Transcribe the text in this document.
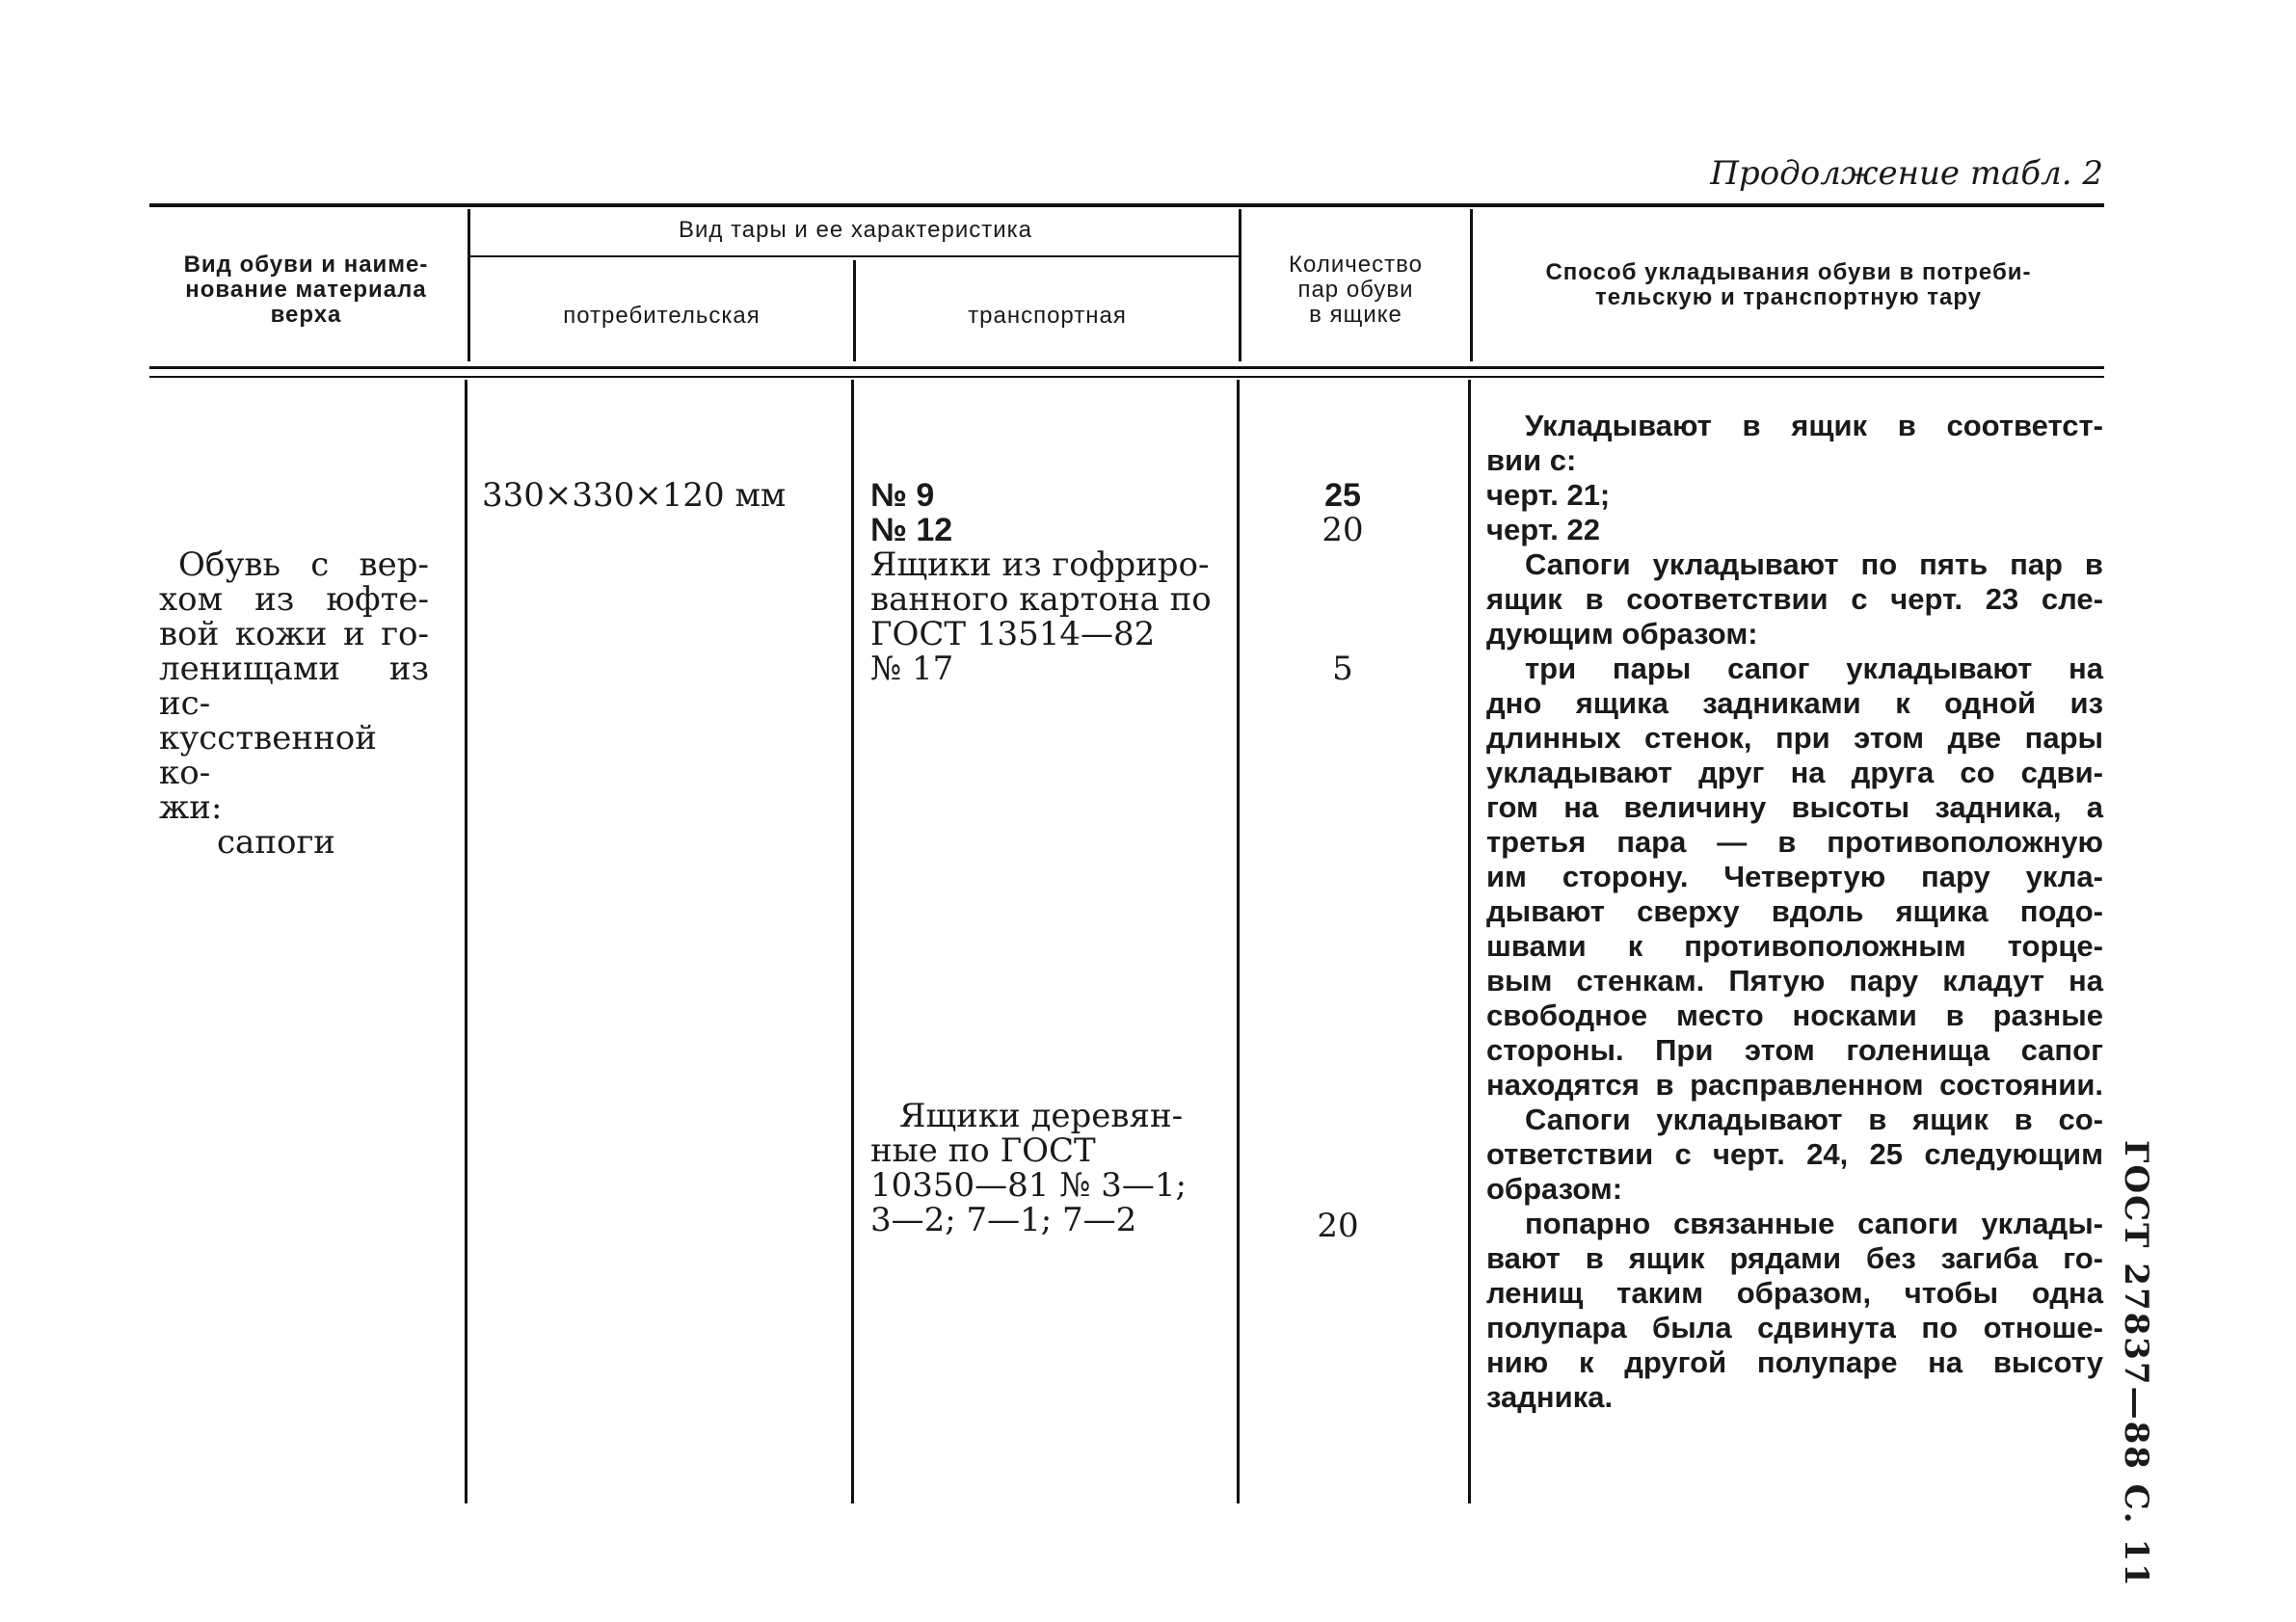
Продолжение табл. 2
ГОСТ 27837—88 С. 11
Вид обуви и наиме-
нование материала
верха
Вид тары и ее характеристика
потребительская	транспортная
Количество
пар обуви
в ящике
Способ укладывания обуви в потреби-
тельскую и транспортную тару
Обувь с вер-
хом из юфте-
вой кожи и го-
ленищами из ис-
кусственной ко-
жи:
сапоги
330×330×120 мм	№ 9
№ 12
Ящики из гофриро-
ванного картона по
ГОСТ 13514—82
№ 17
Ящики деревян-
ные по ГОСТ
10350—81 № 3—1;
3—2; 7—1; 7—2
25
20
5
20
Укладывают в ящик в соответст-
вии с:
черт. 21;
черт. 22
Сапоги укладывают по пять пар в
ящик в соответствии с черт. 23 сле-
дующим образом:
три пары сапог укладывают на
дно ящика задниками к одной из
длинных стенок, при этом две пары
укладывают друг на друга со сдви-
гом на величину высоты задника, а
третья пара — в противоположную
им сторону. Четвертую пару укла-
дывают сверху вдоль ящика подо-
швами к противоположным торце-
вым стенкам. Пятую пару кладут на
свободное место носками в разные
стороны. При этом голенища сапог
находятся в расправленном состоянии.
Сапоги укладывают в ящик в со-
ответствии с черт. 24, 25 следующим
образом:
попарно связанные сапоги уклады-
вают в ящик рядами без загиба го-
ленищ таким образом, чтобы одна
полупара была сдвинута по отноше-
нию к другой полупаре на высоту
задника.
